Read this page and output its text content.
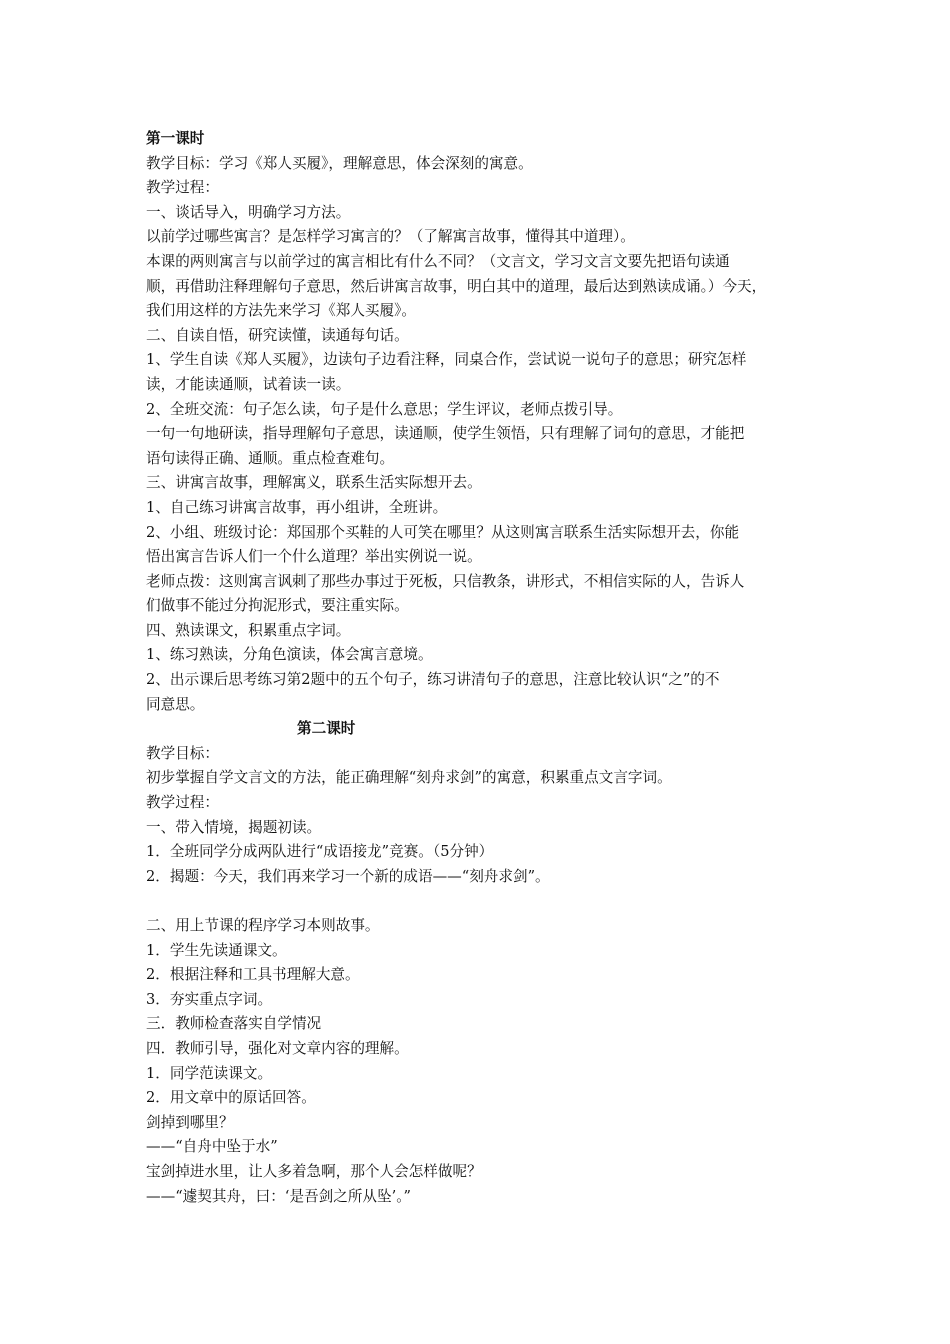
第一课时
教学目标：学习《郑人买履》，理解意思，体会深刻的寓意。
教学过程：
一、谈话导入，明确学习方法。
以前学过哪些寓言？是怎样学习寓言的？（了解寓言故事，懂得其中道理）。
本课的两则寓言与以前学过的寓言相比有什么不同？（文言文，学习文言文要先把语句读通
顺，再借助注释理解句子意思，然后讲寓言故事，明白其中的道理，最后达到熟读成诵。）今天，
我们用这样的方法先来学习《郑人买履》。
二、自读自悟，研究读懂，读通每句话。
1、学生自读《郑人买履》，边读句子边看注释，同桌合作，尝试说一说句子的意思；研究怎样
读，才能读通顺，试着读一读。
2、全班交流：句子怎么读，句子是什么意思；学生评议，老师点拨引导。
一句一句地研读，指导理解句子意思，读通顺，使学生领悟，只有理解了词句的意思，才能把
语句读得正确、通顺。重点检查难句。
三、讲寓言故事，理解寓义，联系生活实际想开去。
1、自己练习讲寓言故事，再小组讲，全班讲。
2、小组、班级讨论：郑国那个买鞋的人可笑在哪里？从这则寓言联系生活实际想开去，你能
悟出寓言告诉人们一个什么道理？举出实例说一说。
老师点拨：这则寓言讽刺了那些办事过于死板，只信教条，讲形式，不相信实际的人，告诉人
们做事不能过分拘泥形式，要注重实际。
四、熟读课文，积累重点字词。
1、练习熟读，分角色演读，体会寓言意境。
2、出示课后思考练习第2题中的五个句子，练习讲清句子的意思，注意比较认识“之”的不
同意思。
第二课时
教学目标：
初步掌握自学文言文的方法，能正确理解“刻舟求剑”的寓意，积累重点文言字词。
教学过程：
一、带入情境，揭题初读。
1．全班同学分成两队进行“成语接龙”竞赛。（5分钟）
2．揭题：今天，我们再来学习一个新的成语——“刻舟求剑”。
二、用上节课的程序学习本则故事。
1．学生先读通课文。
2．根据注释和工具书理解大意。
3．夯实重点字词。
三．教师检查落实自学情况
四．教师引导，强化对文章内容的理解。
1．同学范读课文。
2．用文章中的原话回答。
剑掉到哪里？
——“自舟中坠于水”
宝剑掉进水里，让人多着急啊，那个人会怎样做呢？
——“遽契其舟，曰：‘是吾剑之所从坠’。”
